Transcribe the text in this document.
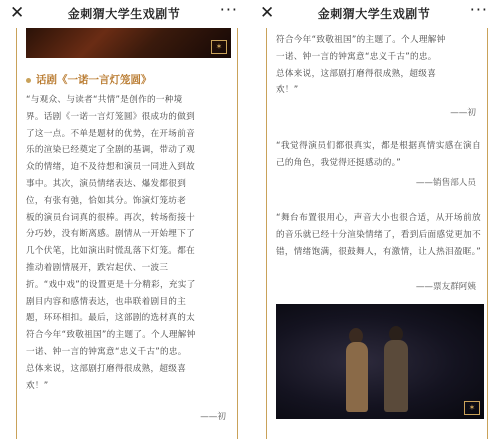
✕	金刺猬大学生戏剧节	···
✶
话剧《一诺一言灯笼圆》
“与观众、与读者“共情”是创作的一种境
界。话剧《一诺一言灯笼圆》很成功的做到
了这一点。不单是题材的优势，在开场前音
乐的渲染已经奠定了全剧的基调，带动了观
众的情绪，迫不及待想和演员一同进入到故
事中。其次，演员情绪表达、爆发都很到
位，有张有弛，恰如其分。饰演灯笼坊老
板的演员台词真的很棒。再次，转场衔接十
分巧妙，没有断离感。剧情从一开始埋下了
几个伏笔，比如演出时慌乱落下灯笼。都在
推动着剧情展开，跌宕起伏、一波三
折。“戏中戏”的设置更是十分精彩，充实了
剧目内容和感情表达，也串联着剧目的主
题，环环相扣。最后，这部剧的选材真的太
符合今年“致敬祖国”的主题了。个人理解钟
一诺、钟一言的钟寓意“忠义千古”的忠。
总体来说，这部剧打磨得很成熟，超级喜
欢！”
——初
✕	金刺猬大学生戏剧节	···
符合今年“致敬祖国”的主题了。个人理解钟
一诺、钟一言的钟寓意“忠义千古”的忠。
总体来说，这部剧打磨得很成熟，超级喜
欢！”
——初
“我觉得演员们都很真实，都是根据真情实感在演自己的角色，我觉得还挺感动的。”
——销售部人员
“舞台布置很用心，声音大小也很合适，从开场前放的音乐就已经十分渲染情绪了，看到后面感觉更加不错，情绪饱满，很鼓舞人，有激情，让人热泪盈眶。”
——票友群阿姨
✶
